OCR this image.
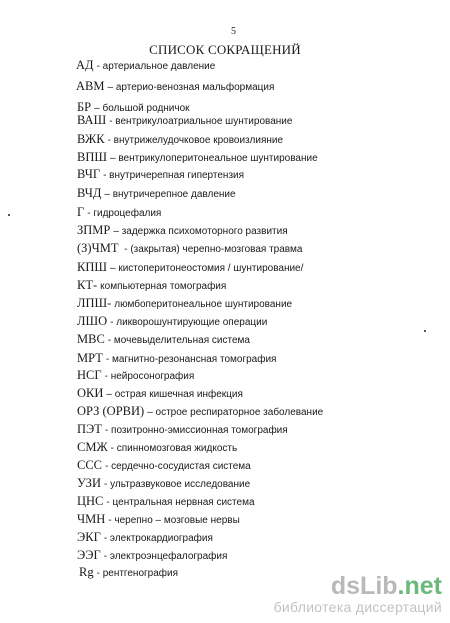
5
СПИСОК СОКРАЩЕНИЙ
АД - артериальное давление
АВМ – артерио-венозная мальформация
БР – большой родничок
ВАШ - вентрикулоатриальное шунтирование
ВЖК - внутрижелудочковое кровоизлияние
ВПШ – вентрикулоперитонеальное шунтирование
ВЧГ - внутричерепная гипертензия
ВЧД – внутричерепное давление
Г - гидроцефалия
ЗПМР – задержка психомоторного развития
(З)ЧМТ - (закрытая) черепно-мозговая травма
КПШ – кистоперитонеостомия / шунтирование/
КТ- компьютерная томография
ЛПШ- люмбоперитонеальное шунтирование
ЛШО - ликворошунтирующие операции
МВС - мочевыделительная система
МРТ - магнитно-резонансная томография
НСГ - нейросонография
ОКИ – острая кишечная инфекция
ОРЗ (ОРВИ) – острое респираторное заболевание
ПЭТ - позитронно-эмиссионная томография
СМЖ - спинномозговая жидкость
ССС - сердечно-сосудистая система
УЗИ - ультразвуковое исследование
ЦНС - центральная нервная система
ЧМН - черепно – мозговые нервы
ЭКГ - электрокардиография
ЭЭГ - электроэнцефалография
Rg - рентгенография	dsLib.net
библиотека диссертаций
